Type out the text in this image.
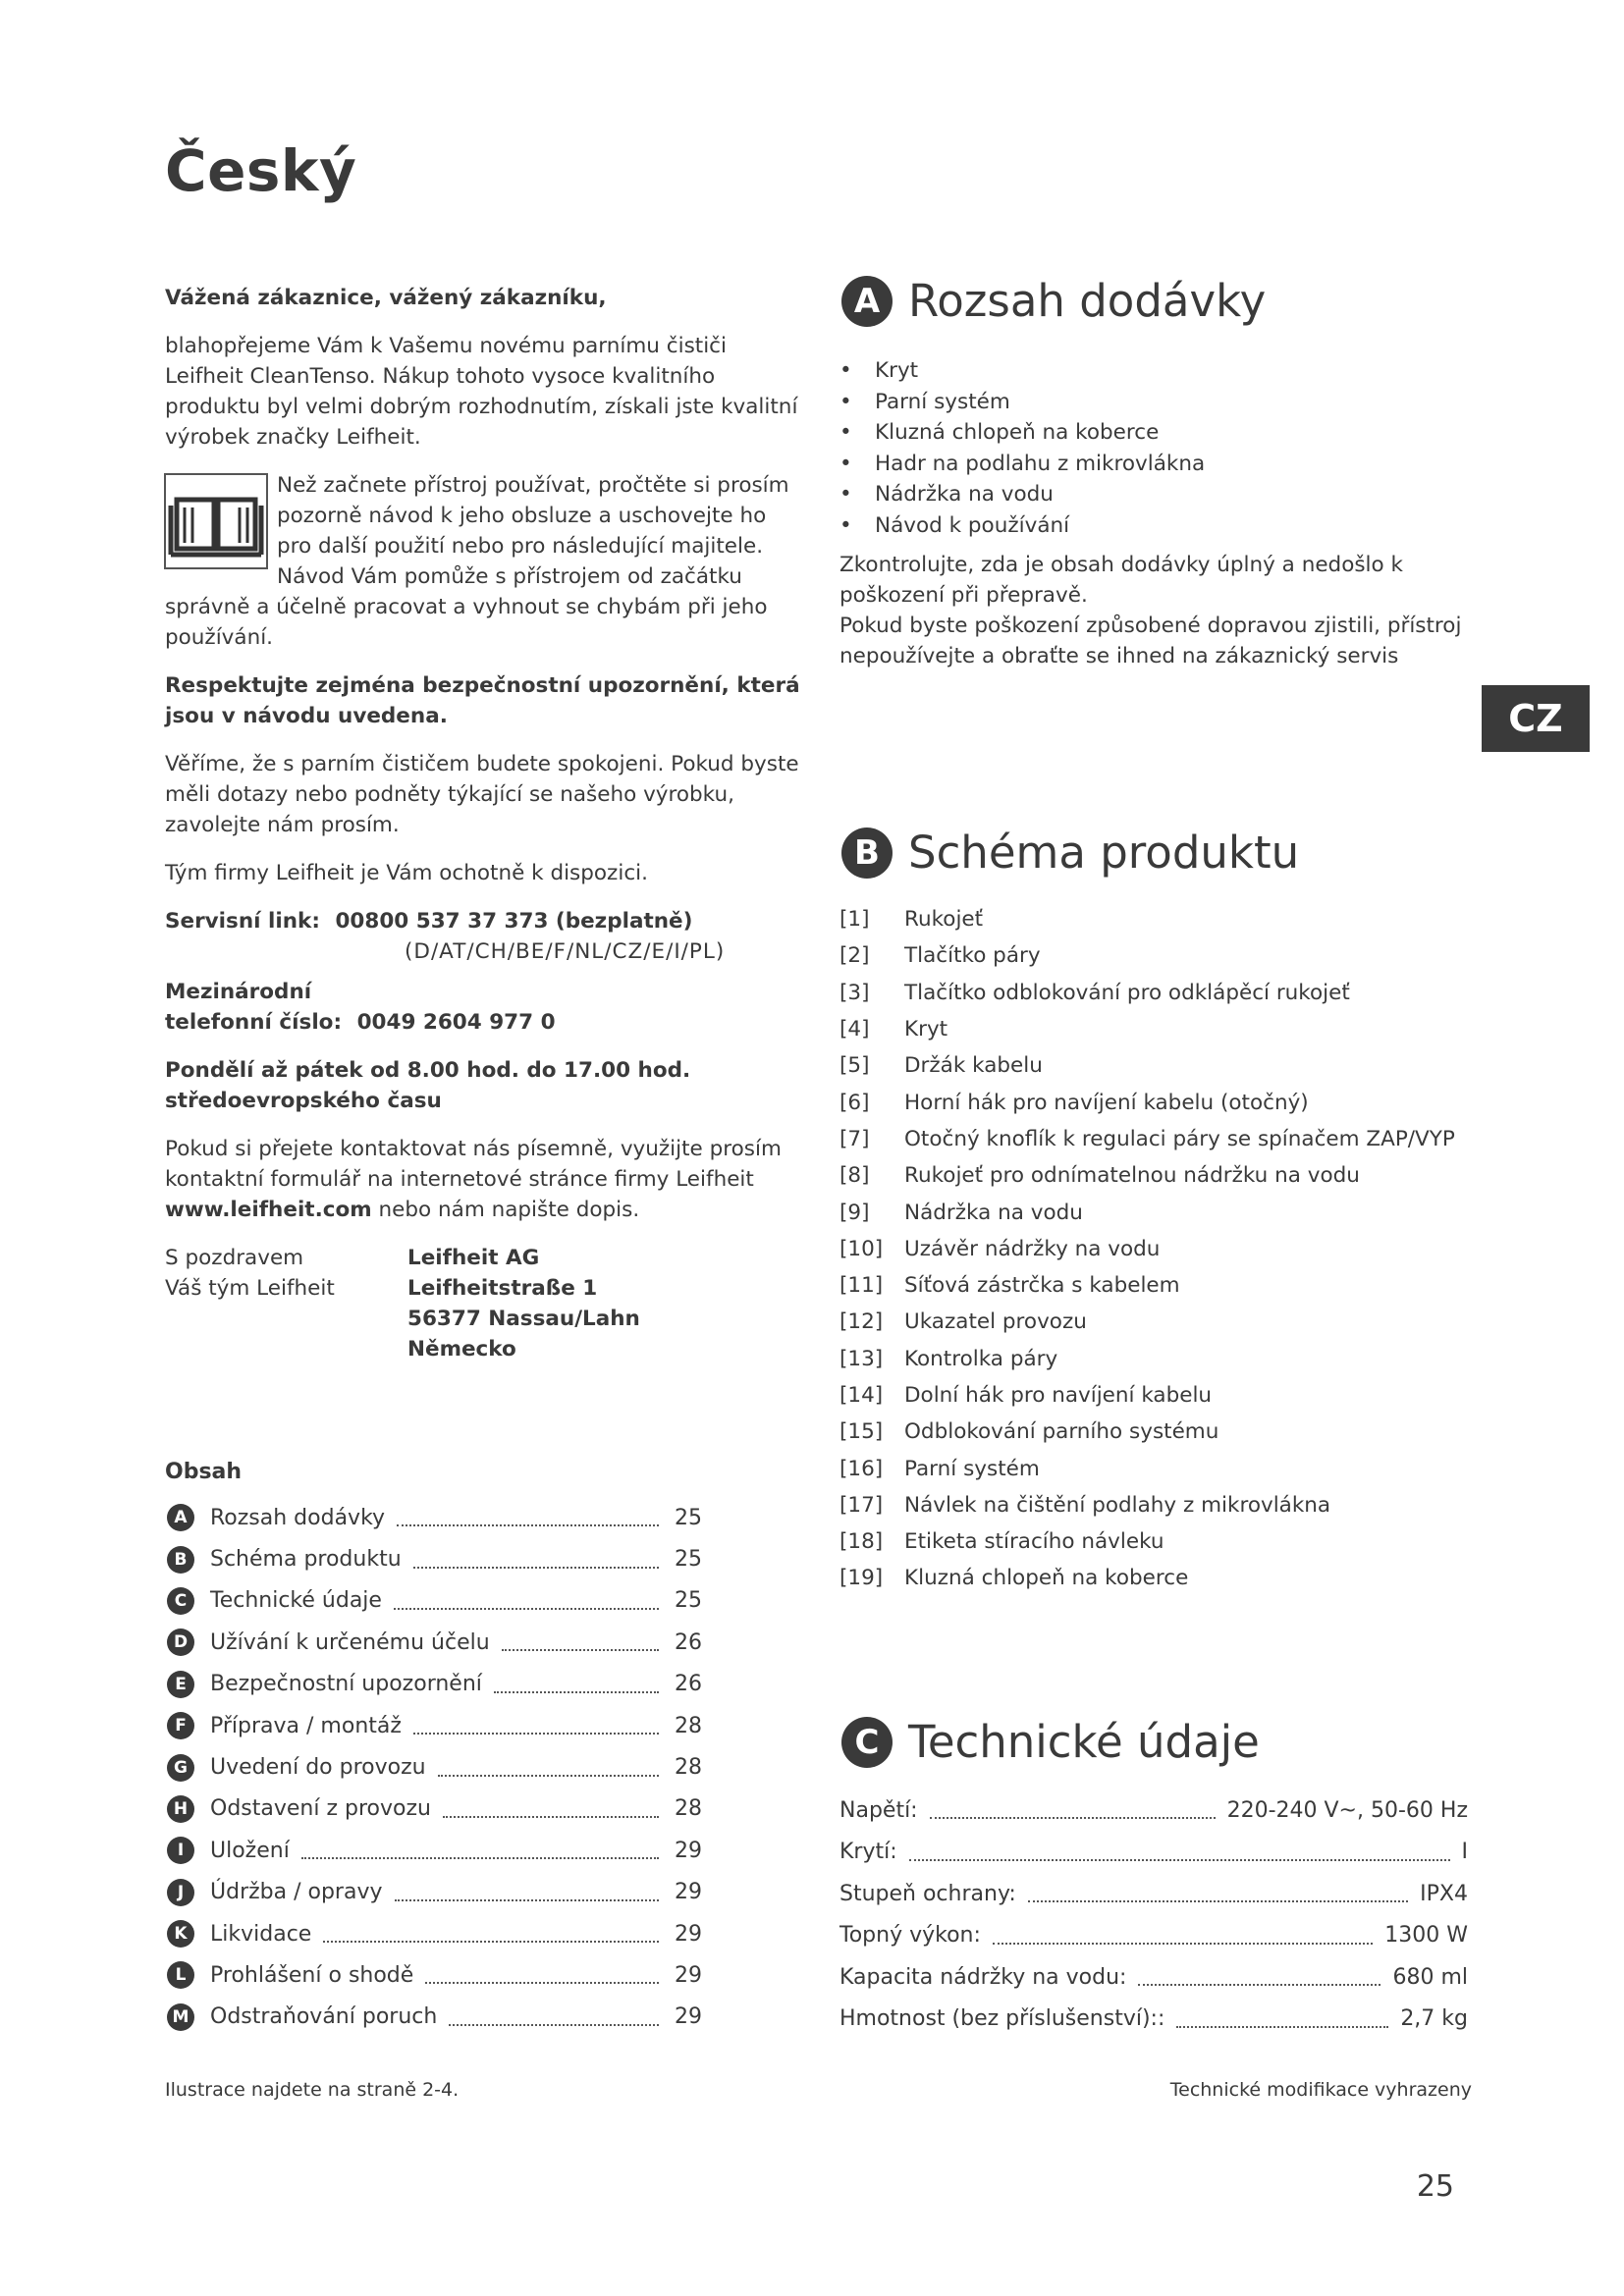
Český

Vážená zákaznice, vážený zákazníku,

blahopřejeme Vám k Vašemu novému parnímu čističi Leifheit CleanTenso. Nákup tohoto vysoce kvalitního produktu byl velmi dobrým rozhodnutím, získali jste kvalitní výrobek značky Leifheit.

Než začnete přístroj používat, pročtěte si prosím pozorně návod k jeho obsluze a uschovejte ho pro další použití nebo pro následující majitele. Návod Vám pomůže s přístrojem od začátku správně a účelně pracovat a vyhnout se chybám při jeho používání.

Respektujte zejména bezpečnostní upozornění, která jsou v návodu uvedena.

Věříme, že s parním čističem budete spokojeni. Pokud byste měli dotazy nebo podněty týkající se našeho výrobku, zavolejte nám prosím.

Tým firmy Leifheit je Vám ochotně k dispozici.

Servisní link: 00800 537 37 373 (bezplatně)
(D/AT/CH/BE/F/NL/CZ/E/I/PL)
Mezinárodní
telefonní číslo: 0049 2604 977 0

Pondělí až pátek od 8.00 hod. do 17.00 hod. středoevropského času

Pokud si přejete kontaktovat nás písemně, využijte prosím kontaktní formulář na internetové stránce firmy Leifheit www.leifheit.com nebo nám napište dopis.

S pozdravem
Váš tým Leifheit
Leifheit AG
Leifheitstraße 1
56377 Nassau/Lahn
Německo
Obsah
A	Rozsah dodávky	25
B	Schéma produktu	25
C	Technické údaje	25
D	Užívání k určenému účelu	26
E	Bezpečnostní upozornění	26
F	Příprava / montáž	28
G	Uvedení do provozu	28
H	Odstavení z provozu	28
I	Uložení	29
J	Údržba / opravy	29
K	Likvidace	29
L	Prohlášení o shodě	29
M Odstraňování poruch	29
A Rozsah dodávky
• Kryt
• Parní systém
• Kluzná chlopeň na koberce
• Hadr na podlahu z mikrovlákna
• Nádržka na vodu
• Návod k používání

Zkontrolujte, zda je obsah dodávky úplný a nedošlo k poškození při přepravě.

Pokud byste poškození způsobené dopravou zjistili, přístroj nepoužívejte a obraťte se ihned na zákaznický servis

CZ
B Schéma produktu
[1]	Rukojeť
[2]	Tlačítko páry
[3]	Tlačítko odblokování pro odklápěcí rukojeť
[4]	Kryt
[5]	Držák kabelu
[6]	Horní hák pro navíjení kabelu (otočný)
[7]	Otočný knoflík k regulaci páry se spínačem ZAP/VYP
[8]	Rukojeť pro odnímatelnou nádržku na vodu
[9]	Nádržka na vodu
[10]	Uzávěr nádržky na vodu
[11]	Síťová zástrčka s kabelem
[12]	Ukazatel provozu
[13]	Kontrolka páry
[14]	Dolní hák pro navíjení kabelu
[15]	Odblokování parního systému
[16]	Parní systém
[17]	Návlek na čištění podlahy z mikrovlákna
[18]	Etiketa stíracího návleku
[19]	Kluzná chlopeň na koberce
C Technické údaje
Napětí:	220-240 V~, 50-60 Hz
Krytí:	I
Stupeň ochrany:	IPX4
Topný výkon:	1300 W
Kapacita nádržky na vodu:	680 ml
Hmotnost (bez příslušenství)::	2,7 kg
Ilustrace najdete na straně 2-4.	Technické modifikace vyhrazeny
25
